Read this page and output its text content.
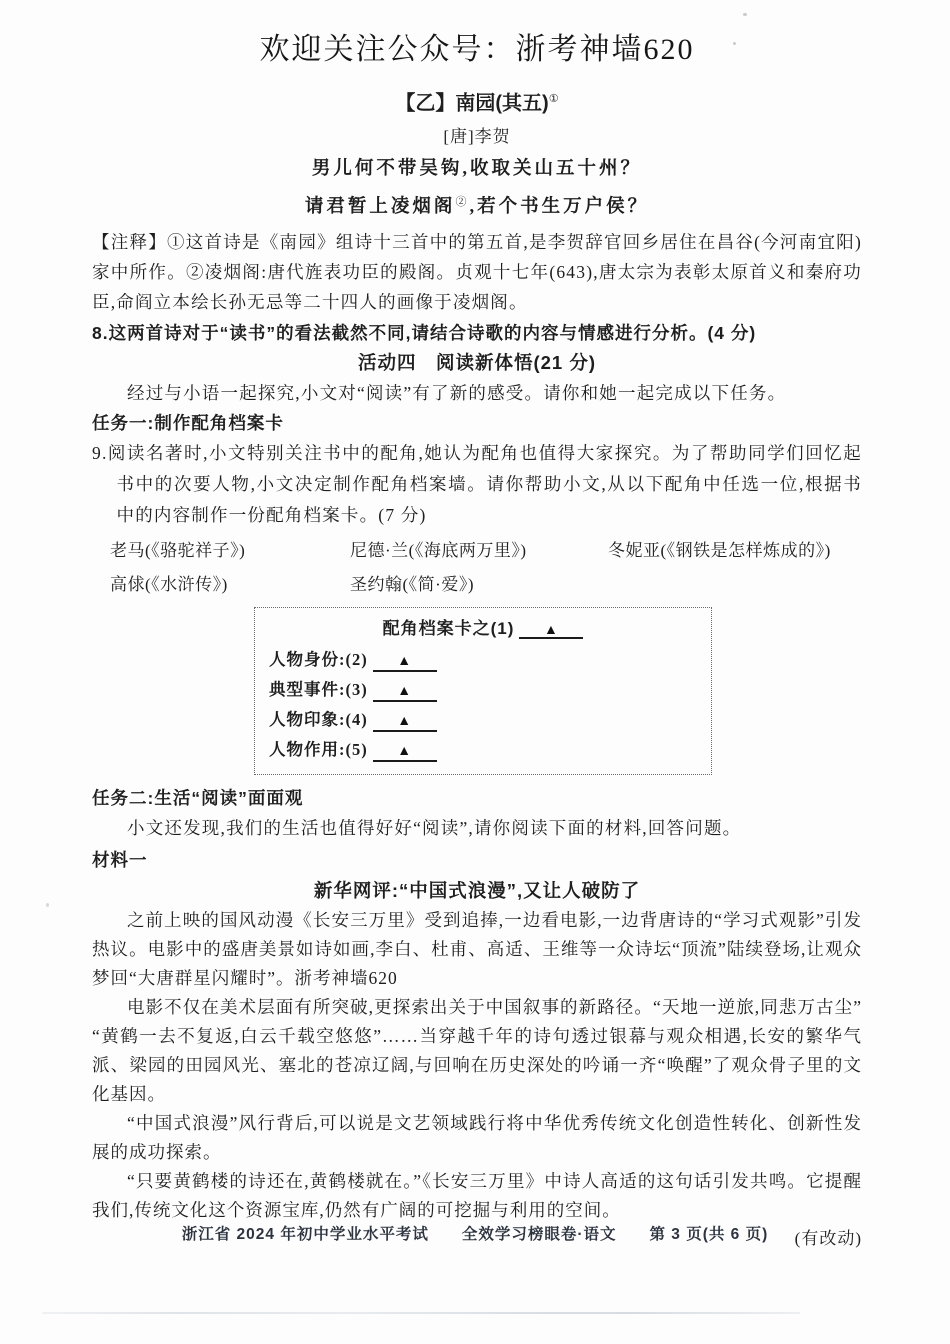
欢迎关注公众号：浙考神墙620
【乙】南园(其五)①
[唐]李贺
男儿何不带吴钩,收取关山五十州？
请君暂上凌烟阁②,若个书生万户侯？
【注释】①这首诗是《南园》组诗十三首中的第五首,是李贺辞官回乡居住在昌谷(今河南宜阳)家中所作。②凌烟阁:唐代旌表功臣的殿阁。贞观十七年(643),唐太宗为表彰太原首义和秦府功臣,命阎立本绘长孙无忌等二十四人的画像于凌烟阁。
8.这两首诗对于“读书”的看法截然不同,请结合诗歌的内容与情感进行分析。(4 分)
活动四　阅读新体悟(21 分)
经过与小语一起探究,小文对“阅读”有了新的感受。请你和她一起完成以下任务。
任务一:制作配角档案卡
9.阅读名著时,小文特别关注书中的配角,她认为配角也值得大家探究。为了帮助同学们回忆起书中的次要人物,小文决定制作配角档案墙。请你帮助小文,从以下配角中任选一位,根据书中的内容制作一份配角档案卡。(7 分)
老马(《骆驼祥子》)	尼德·兰(《海底两万里》)	冬妮亚(《钢铁是怎样炼成的》)
高俅(《水浒传》)	圣约翰(《简·爱》)
配角档案卡之(1) ▲
人物身份:(2) ▲
典型事件:(3) ▲
人物印象:(4) ▲
人物作用:(5) ▲
任务二:生活“阅读”面面观
小文还发现,我们的生活也值得好好“阅读”,请你阅读下面的材料,回答问题。
材料一
新华网评:“中国式浪漫”,又让人破防了
之前上映的国风动漫《长安三万里》受到追捧,一边看电影,一边背唐诗的“学习式观影”引发热议。电影中的盛唐美景如诗如画,李白、杜甫、高适、王维等一众诗坛“顶流”陆续登场,让观众梦回“大唐群星闪耀时”。浙考神墙620
电影不仅在美术层面有所突破,更探索出关于中国叙事的新路径。“天地一逆旅,同悲万古尘”“黄鹤一去不复返,白云千载空悠悠”……当穿越千年的诗句透过银幕与观众相遇,长安的繁华气派、梁园的田园风光、塞北的苍凉辽阔,与回响在历史深处的吟诵一齐“唤醒”了观众骨子里的文化基因。
“中国式浪漫”风行背后,可以说是文艺领域践行将中华优秀传统文化创造性转化、创新性发展的成功探索。
“只要黄鹤楼的诗还在,黄鹤楼就在。”《长安三万里》中诗人高适的这句话引发共鸣。它提醒我们,传统文化这个资源宝库,仍然有广阔的可挖掘与利用的空间。
(有改动)
浙江省 2024 年初中学业水平考试　　全效学习榜眼卷·语文　　第 3 页(共 6 页)
